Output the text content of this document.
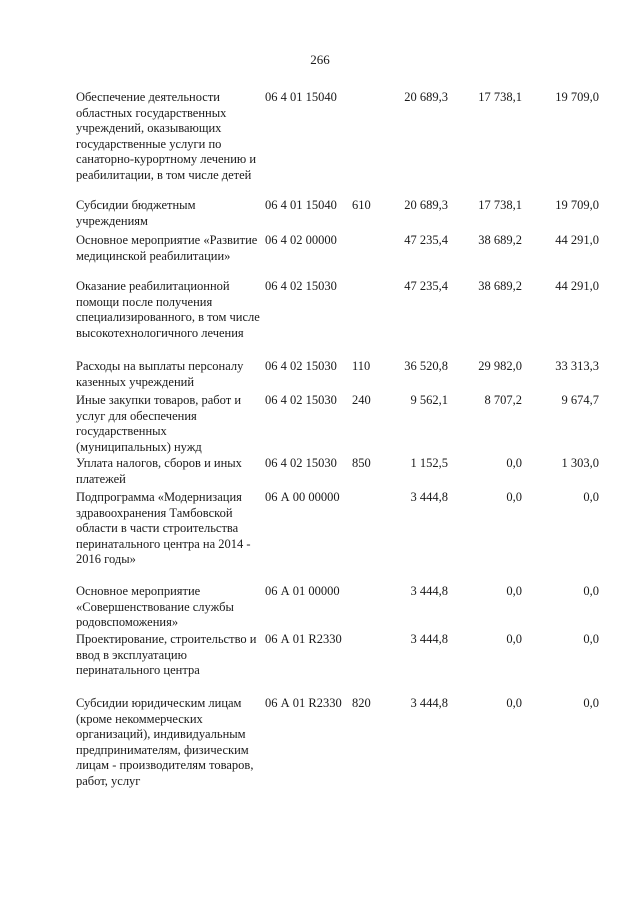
266
Обеспечение деятельности областных государственных учреждений, оказывающих государственные услуги по санаторно-курортному лечению и реабилитации, в том числе детей
06 4 01 15040	20 689,3	17 738,1	19 709,0
Субсидии бюджетным учреждениям
06 4 01 15040 610	20 689,3	17 738,1	19 709,0
Основное мероприятие «Развитие медицинской реабилитации»
06 4 02 00000	47 235,4	38 689,2	44 291,0
Оказание реабилитационной помощи после получения специализированного, в том числе высокотехнологичного лечения
06 4 02 15030	47 235,4	38 689,2	44 291,0
Расходы на выплаты персоналу казенных учреждений
06 4 02 15030 110	36 520,8	29 982,0	33 313,3
Иные закупки товаров, работ и услуг для обеспечения государственных (муниципальных) нужд
06 4 02 15030 240	9 562,1	8 707,2	9 674,7
Уплата налогов, сборов и иных платежей
06 4 02 15030 850	1 152,5	0,0	1 303,0
Подпрограмма «Модернизация здравоохранения Тамбовской области в части строительства перинатального центра на 2014 - 2016 годы»
06 А 00 00000	3 444,8	0,0	0,0
Основное мероприятие «Совершенствование службы родовспоможения»
06 А 01 00000	3 444,8	0,0	0,0
Проектирование, строительство и ввод в эксплуатацию перинатального центра
06 А 01 R2330	3 444,8	0,0	0,0
Субсидии юридическим лицам (кроме некоммерческих организаций), индивидуальным предпринимателям, физическим лицам - производителям товаров, работ, услуг
06 А 01 R2330 820	3 444,8	0,0	0,0
